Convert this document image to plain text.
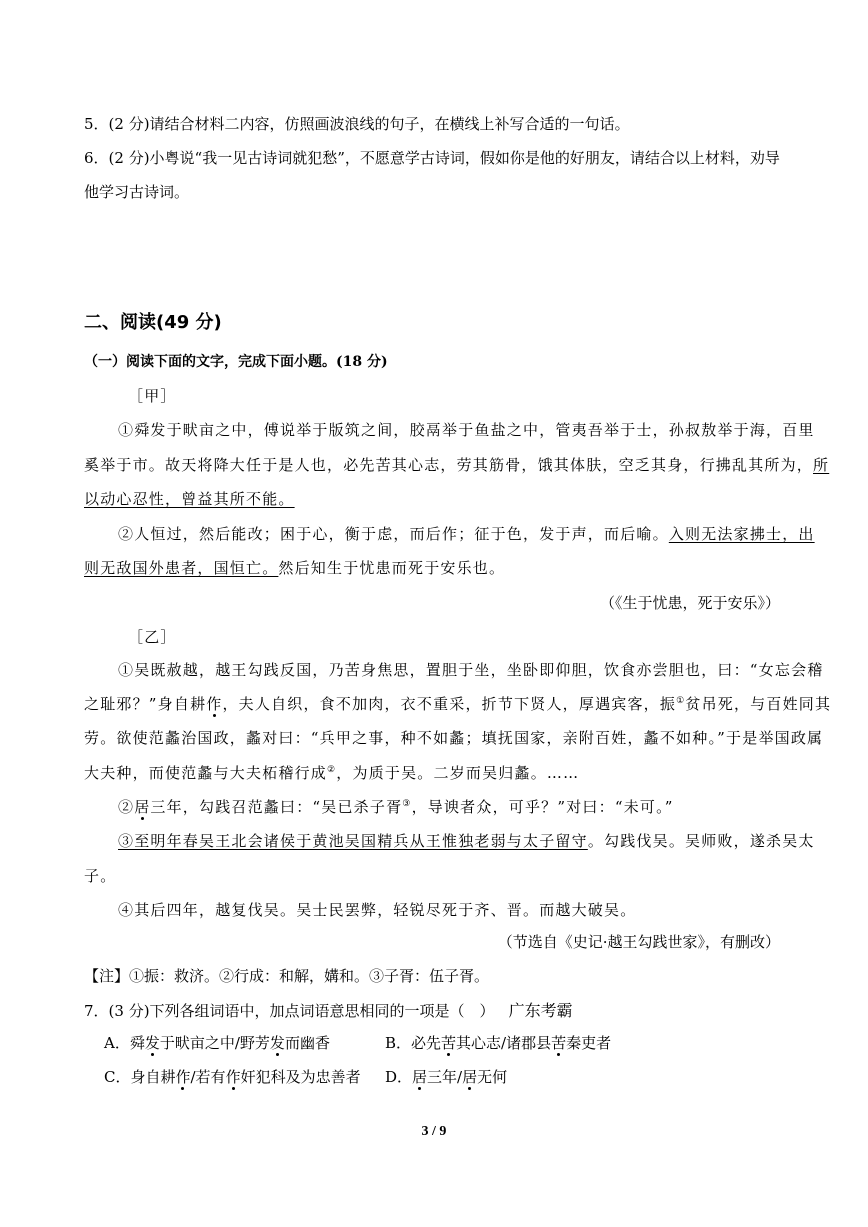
5．(2 分)请结合材料二内容，仿照画波浪线的句子，在横线上补写合适的一句话。
6．(2 分)小粤说“我一见古诗词就犯愁”，不愿意学古诗词，假如你是他的好朋友，请结合以上材料，劝导
他学习古诗词。
二、阅读(49 分)
（一）阅读下面的文字，完成下面小题。(18 分)
［甲］
①舜发于畎亩之中，傅说举于版筑之间，胶鬲举于鱼盐之中，管夷吾举于士，孙叔敖举于海，百里
奚举于市。故天将降大任于是人也，必先苦其心志，劳其筋骨，饿其体肤，空乏其身，行拂乱其所为，所
以动心忍性，曾益其所不能。
②人恒过，然后能改；困于心，衡于虑，而后作；征于色，发于声，而后喻。入则无法家拂士，出
则无敌国外患者，国恒亡。然后知生于忧患而死于安乐也。
（《生于忧患，死于安乐》）
［乙］
①吴既赦越，越王勾践反国，乃苦身焦思，置胆于坐，坐卧即仰胆，饮食亦尝胆也，曰：“女忘会稽
之耻邪？”身自耕作，夫人自织，食不加肉，衣不重采，折节下贤人，厚遇宾客，振①贫吊死，与百姓同其
劳。欲使范蠡治国政，蠡对曰：“兵甲之事，种不如蠡；填抚国家，亲附百姓，蠡不如种。”于是举国政属
大夫种，而使范蠡与大夫柘稽行成②，为质于吴。二岁而吴归蠡。……
②居三年，勾践召范蠡曰：“吴已杀子胥③，导谀者众，可乎？”对曰：“未可。”
③至明年春吴王北会诸侯于黄池吴国精兵从王惟独老弱与太子留守。勾践伐吴。吴师败，遂杀吴太
子。
④其后四年，越复伐吴。吴士民罢弊，轻锐尽死于齐、晋。而越大破吴。
（节选自《史记·越王勾践世家》，有删改）
【注】①振：救济。②行成：和解，媾和。③子胥：伍子胥。
7．(3 分)下列各组词语中，加点词语意思相同的一项是（　） 广东考霸
A．舜发于畎亩之中/野芳发而幽香	B．必先苦其心志/诸郡县苦秦吏者
C．身自耕作/若有作奸犯科及为忠善者 D．居三年/居无何
3 / 9
